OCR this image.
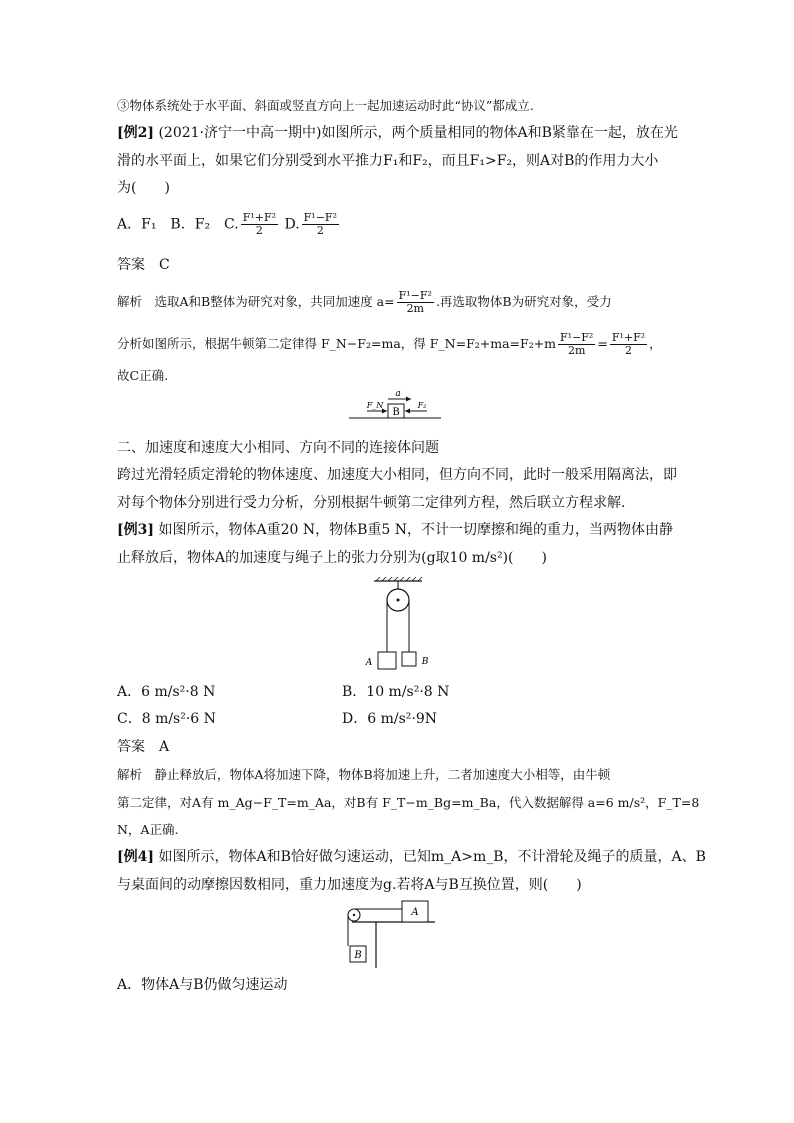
③物体系统处于水平面、斜面或竖直方向上一起加速运动时此“协议”都成立.
[例2] (2021·济宁一中高一期中)如图所示，两个质量相同的物体A和B紧靠在一起，放在光
滑的水平面上，如果它们分别受到水平推力F₁和F₂，而且F₁>F₂，则A对B的作用力大小
为(　　)
A．F₁　B．F₂　C. $\frac{\text{F¹+F²}}{2} D$. $\frac{\text{F¹−F²}}{2}$
答案　C
解析　选取A和B整体为研究对象，共同加速度 $a= \frac{\text{F¹−F²}}{2m}$ .再选取物体B为研究对象，受力
分析如图所示，根据牛顿第二定律得 F_N−F₂=ma，得 F_N=F₂+ma=F₂+m $\frac{\text{F¹−F²}}{2m} = \frac{\text{F¹+F²}}{2}$ ，
故C正确.
B
a
F_N	F₂
二、加速度和速度大小相同、方向不同的连接体问题
跨过光滑轻质定滑轮的物体速度、加速度大小相同，但方向不同，此时一般采用隔离法，即
对每个物体分别进行受力分析，分别根据牛顿第二定律列方程，然后联立方程求解.
[例3] 如图所示，物体A重20 N，物体B重5 N，不计一切摩擦和绳的重力，当两物体由静
止释放后，物体A的加速度与绳子上的张力分别为(g取10 m/s²)(　　)
A	B
A．6 m/s²·8 N	B．10 m/s²·8 N
C．8 m/s²·6 N	D．6 m/s²·9N
答案　A
解析　静止释放后，物体A将加速下降，物体B将加速上升，二者加速度大小相等，由牛顿
第二定律，对A有 m_Ag−F_T=m_Aa，对B有 F_T−m_Bg=m_Ba，代入数据解得 a=6 m/s²，F_T=8
N，A正确.
[例4] 如图所示，物体A和B恰好做匀速运动，已知m_A>m_B，不计滑轮及绳子的质量，A、B
与桌面间的动摩擦因数相同，重力加速度为g.若将A与B互换位置，则(　　)
A
B
A．物体A与B仍做匀速运动
